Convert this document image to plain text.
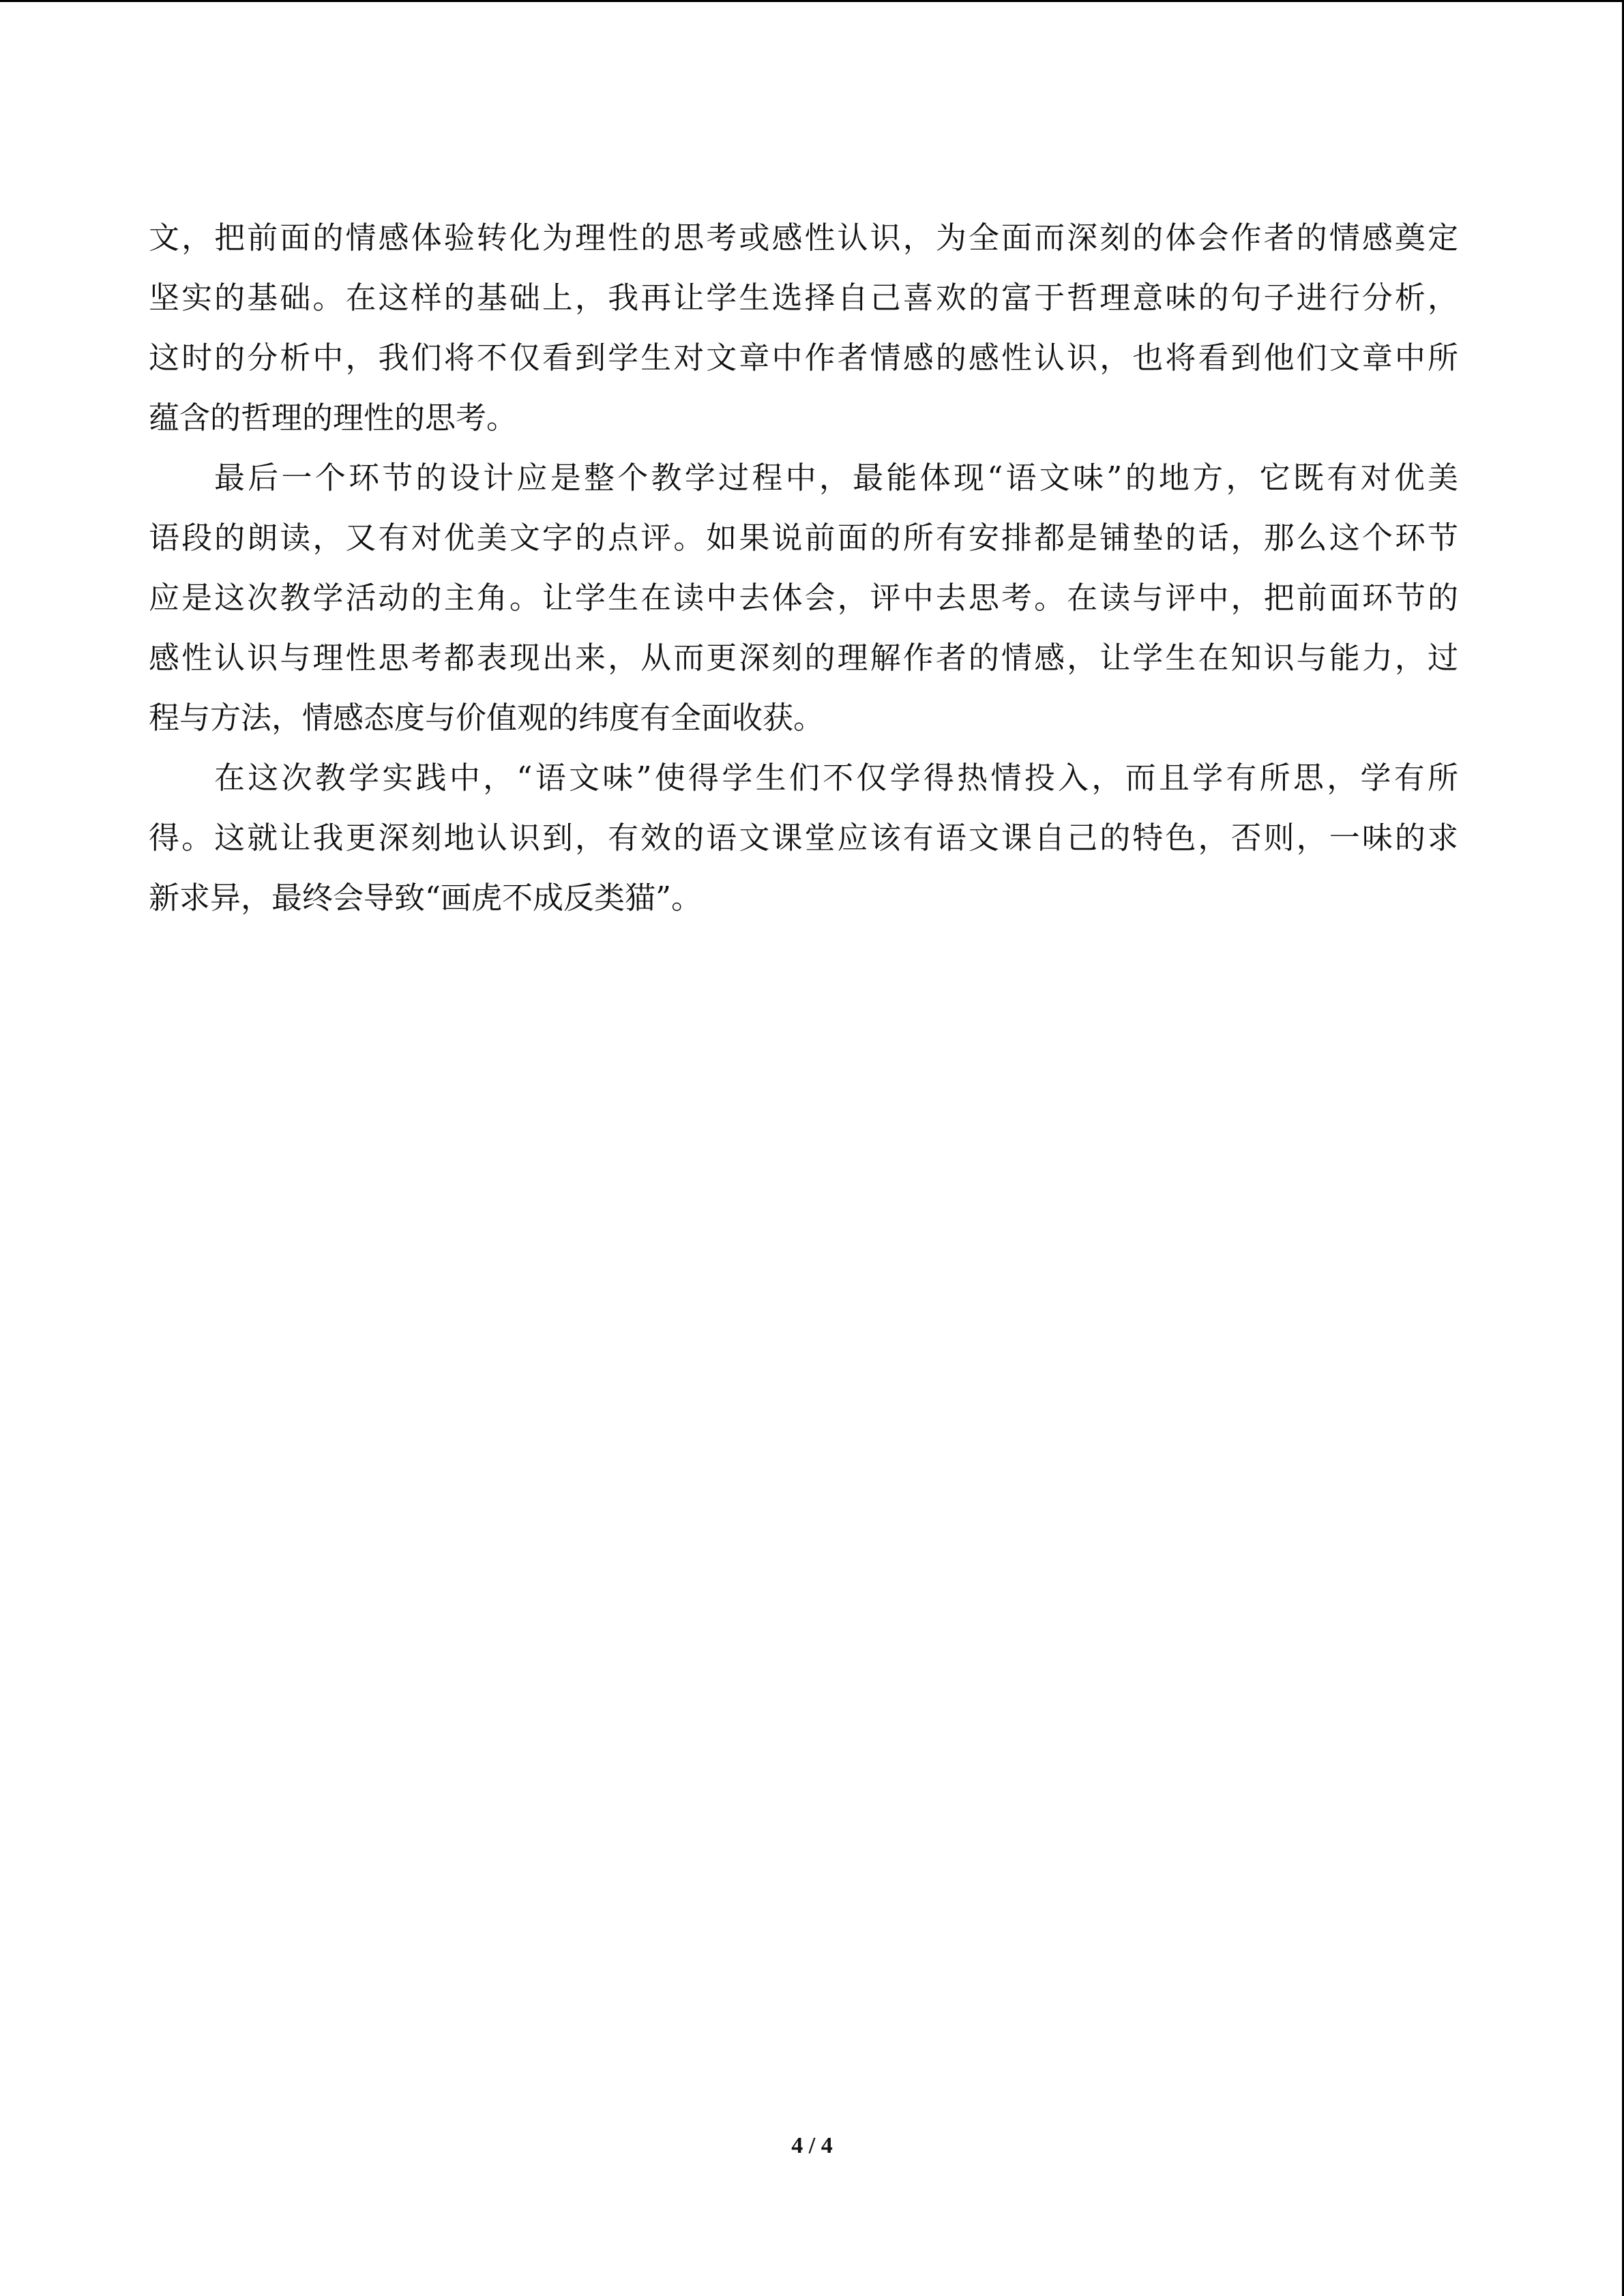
文，把前面的情感体验转化为理性的思考或感性认识，为全面而深刻的体会作者的情感奠定
坚实的基础。在这样的基础上，我再让学生选择自己喜欢的富于哲理意味的句子进行分析，
这时的分析中，我们将不仅看到学生对文章中作者情感的感性认识，也将看到他们文章中所
蕴含的哲理的理性的思考。

最后一个环节的设计应是整个教学过程中，最能体现“语文味”的地方，它既有对优美
语段的朗读，又有对优美文字的点评。如果说前面的所有安排都是铺垫的话，那么这个环节
应是这次教学活动的主角。让学生在读中去体会，评中去思考。在读与评中，把前面环节的
感性认识与理性思考都表现出来，从而更深刻的理解作者的情感，让学生在知识与能力，过
程与方法，情感态度与价值观的纬度有全面收获。

在这次教学实践中，“语文味”使得学生们不仅学得热情投入，而且学有所思，学有所
得。这就让我更深刻地认识到，有效的语文课堂应该有语文课自己的特色，否则，一味的求
新求异，最终会导致“画虎不成反类猫”。

4 / 4
